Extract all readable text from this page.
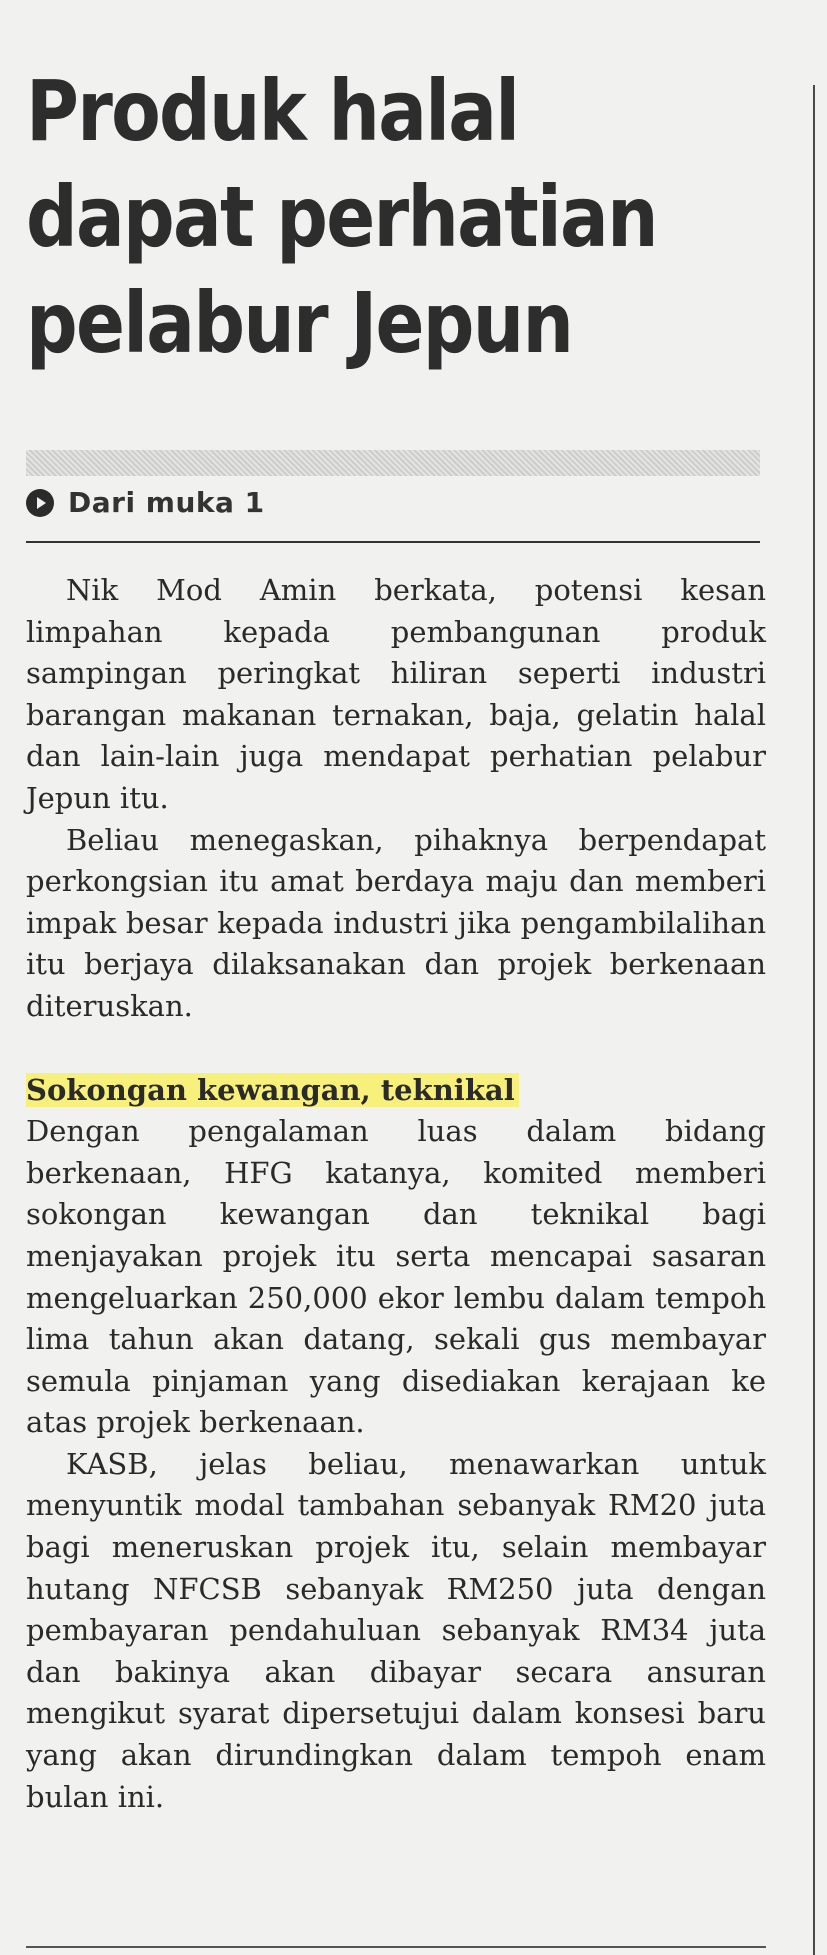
Produk halal
dapat perhatian
pelabur Jepun
Dari muka 1

Nik Mod Amin berkata, potensi kesan limpahan kepada pembangunan produk sampingan peringkat hiliran seperti industri barangan makanan ternakan, baja, gelatin halal dan lain-lain juga mendapat perhatian pelabur Jepun itu.

Beliau menegaskan, pihaknya berpendapat perkongsian itu amat berdaya maju dan memberi impak besar kepada industri jika pengambilalihan itu berjaya dilaksanakan dan projek berkenaan diteruskan.

Sokongan kewangan, teknikal

Dengan pengalaman luas dalam bidang berkenaan, HFG katanya, komited memberi sokongan kewangan dan teknikal bagi menjayakan projek itu serta mencapai sasaran mengeluarkan 250,000 ekor lembu dalam tempoh lima tahun akan datang, sekali gus membayar semula pinjaman yang disediakan kerajaan ke atas projek berkenaan.

KASB, jelas beliau, menawarkan untuk menyuntik modal tambahan sebanyak RM20 juta bagi meneruskan projek itu, selain membayar hutang NFCSB sebanyak RM250 juta dengan pembayaran pendahuluan sebanyak RM34 juta dan bakinya akan dibayar secara ansuran mengikut syarat dipersetujui dalam konsesi baru yang akan dirundingkan dalam tempoh enam bulan ini.
